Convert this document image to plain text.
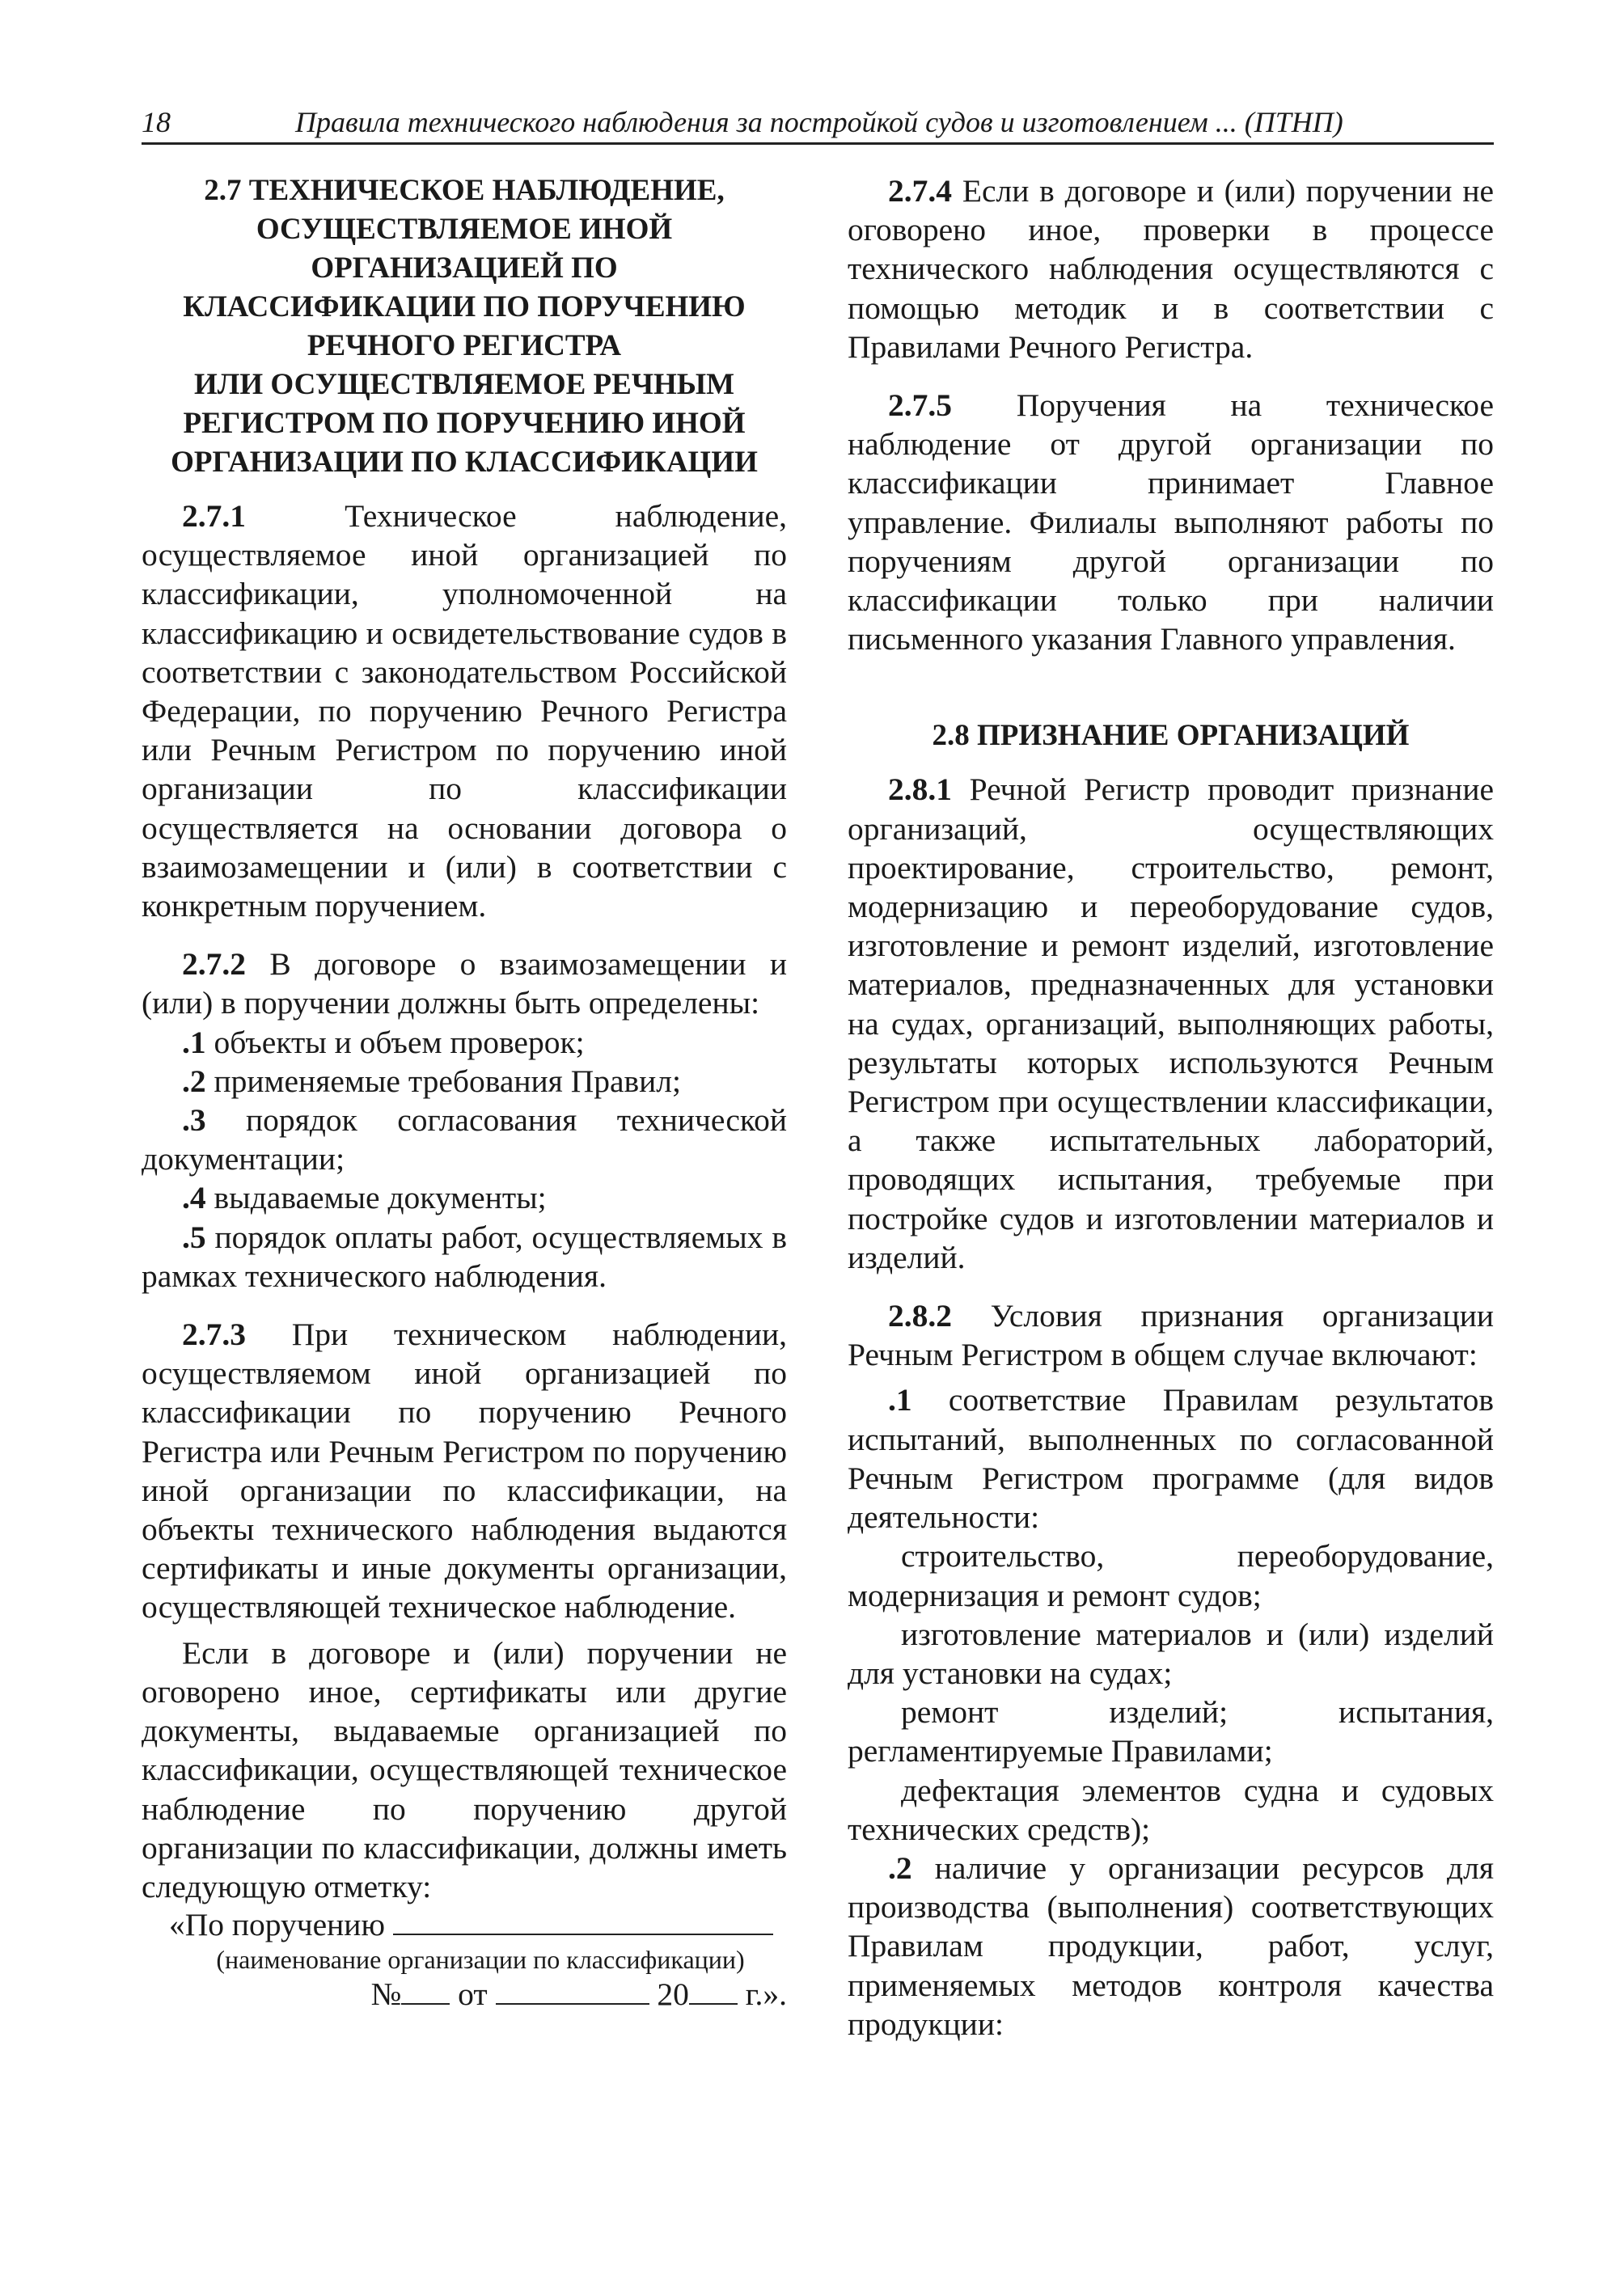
18	Правила технического наблюдения за постройкой судов и изготовлением ... (ПТНП)
2.7 ТЕХНИЧЕСКОЕ НАБЛЮДЕНИЕ,
ОСУЩЕСТВЛЯЕМОЕ ИНОЙ
ОРГАНИЗАЦИЕЙ ПО
КЛАССИФИКАЦИИ ПО ПОРУЧЕНИЮ
РЕЧНОГО РЕГИСТРА
ИЛИ ОСУЩЕСТВЛЯЕМОЕ РЕЧНЫМ
РЕГИСТРОМ ПО ПОРУЧЕНИЮ ИНОЙ
ОРГАНИЗАЦИИ ПО КЛАССИФИКАЦИИ

2.7.1 Техническое наблюдение, осуществляемое иной организацией по классификации, уполномоченной на классификацию и освидетельствование судов в соответствии с законодательством Российской Федерации, по поручению Речного Регистра или Речным Регистром по поручению иной организации по классификации осуществляется на основании договора о взаимозамещении и (или) в соответствии с конкретным поручением.

2.7.2 В договоре о взаимозамещении и (или) в поручении должны быть определены:

.1 объекты и объем проверок;

.2 применяемые требования Правил;

.3 порядок согласования технической документации;

.4 выдаваемые документы;

.5 порядок оплаты работ, осуществляемых в рамках технического наблюдения.

2.7.3 При техническом наблюдении, осуществляемом иной организацией по классификации по поручению Речного Регистра или Речным Регистром по поручению иной организации по классификации, на объекты технического наблюдения выдаются сертификаты и иные документы организации, осуществляющей техническое наблюдение.

Если в договоре и (или) поручении не оговорено иное, сертификаты или другие документы, выдаваемые организацией по классификации, осуществляющей техническое наблюдение по поручению другой организации по классификации, должны иметь следующую отметку:

«По поручению
(наименование организации по классификации)
№ от	20 г.».

2.7.4 Если в договоре и (или) поручении не оговорено иное, проверки в процессе технического наблюдения осуществляются с помощью методик и в соответствии с Правилами Речного Регистра.

2.7.5 Поручения на техническое наблюдение от другой организации по классификации принимает Главное управление. Филиалы выполняют работы по поручениям другой организации по классификации только при наличии письменного указания Главного управления.

2.8 ПРИЗНАНИЕ ОРГАНИЗАЦИЙ

2.8.1 Речной Регистр проводит признание организаций, осуществляющих проектирование, строительство, ремонт, модернизацию и переоборудование судов, изготовление и ремонт изделий, изготовление материалов, предназначенных для установки на судах, организаций, выполняющих работы, результаты которых используются Речным Регистром при осуществлении классификации, а также испытательных лабораторий, проводящих испытания, требуемые при постройке судов и изготовлении материалов и изделий.

2.8.2 Условия признания организации Речным Регистром в общем случае включают:

.1 соответствие Правилам результатов испытаний, выполненных по согласованной Речным Регистром программе (для видов деятельности:

строительство, переоборудование, модернизация и ремонт судов;

изготовление материалов и (или) изделий для установки на судах;

ремонт изделий; испытания, регламентируемые Правилами;

дефектация элементов судна и судовых технических средств);

.2 наличие у организации ресурсов для производства (выполнения) соответствующих Правилам продукции, работ, услуг, применяемых методов контроля качества продукции:
